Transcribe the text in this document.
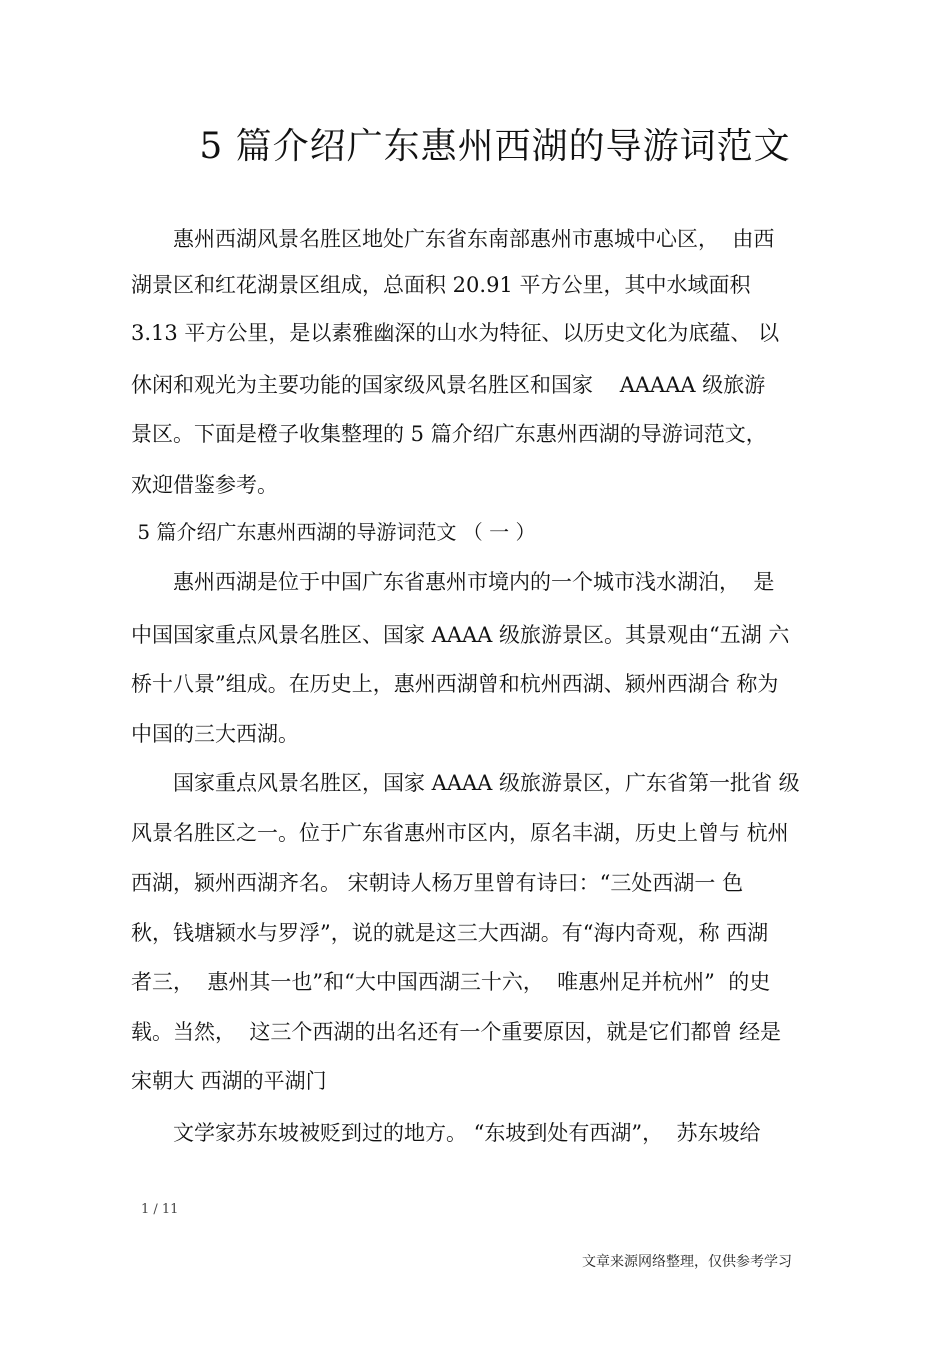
5 篇介绍广东惠州西湖的导游词范文
　　惠州西湖风景名胜区地处广东省东南部惠州市惠城中心区，  由西
湖景区和红花湖景区组成，总面积 20.91 平方公里，其中水域面积
3.13 平方公里，是以素雅幽深的山水为特征、以历史文化为底蕴、 以
休闲和观光为主要功能的国家级风景名胜区和国家    AAAAA 级旅游
景区。下面是橙子收集整理的 5 篇介绍广东惠州西湖的导游词范文，
欢迎借鉴参考。
5 篇介绍广东惠州西湖的导游词范文 （ 一 ）
　　惠州西湖是位于中国广东省惠州市境内的一个城市浅水湖泊，  是
中国国家重点风景名胜区、国家 AAAA 级旅游景区。其景观由“五湖 六
桥十八景”组成。在历史上，惠州西湖曾和杭州西湖、颍州西湖合 称为
中国的三大西湖。
　　国家重点风景名胜区，国家 AAAA 级旅游景区，广东省第一批省 级
风景名胜区之一。位于广东省惠州市区内，原名丰湖，历史上曾与 杭州
西湖，颍州西湖齐名。 宋朝诗人杨万里曾有诗曰：“三处西湖一 色
秋，钱塘颍水与罗浮”，说的就是这三大西湖。有“海内奇观，称 西湖
者三，  惠州其一也”和“大中国西湖三十六，  唯惠州足并杭州”  的史
载。当然，  这三个西湖的出名还有一个重要原因，就是它们都曾 经是
宋朝大 西湖的平湖门
　　文学家苏东坡被贬到过的地方。 “东坡到处有西湖”，  苏东坡给
1 / 11
文章来源网络整理，仅供参考学习
